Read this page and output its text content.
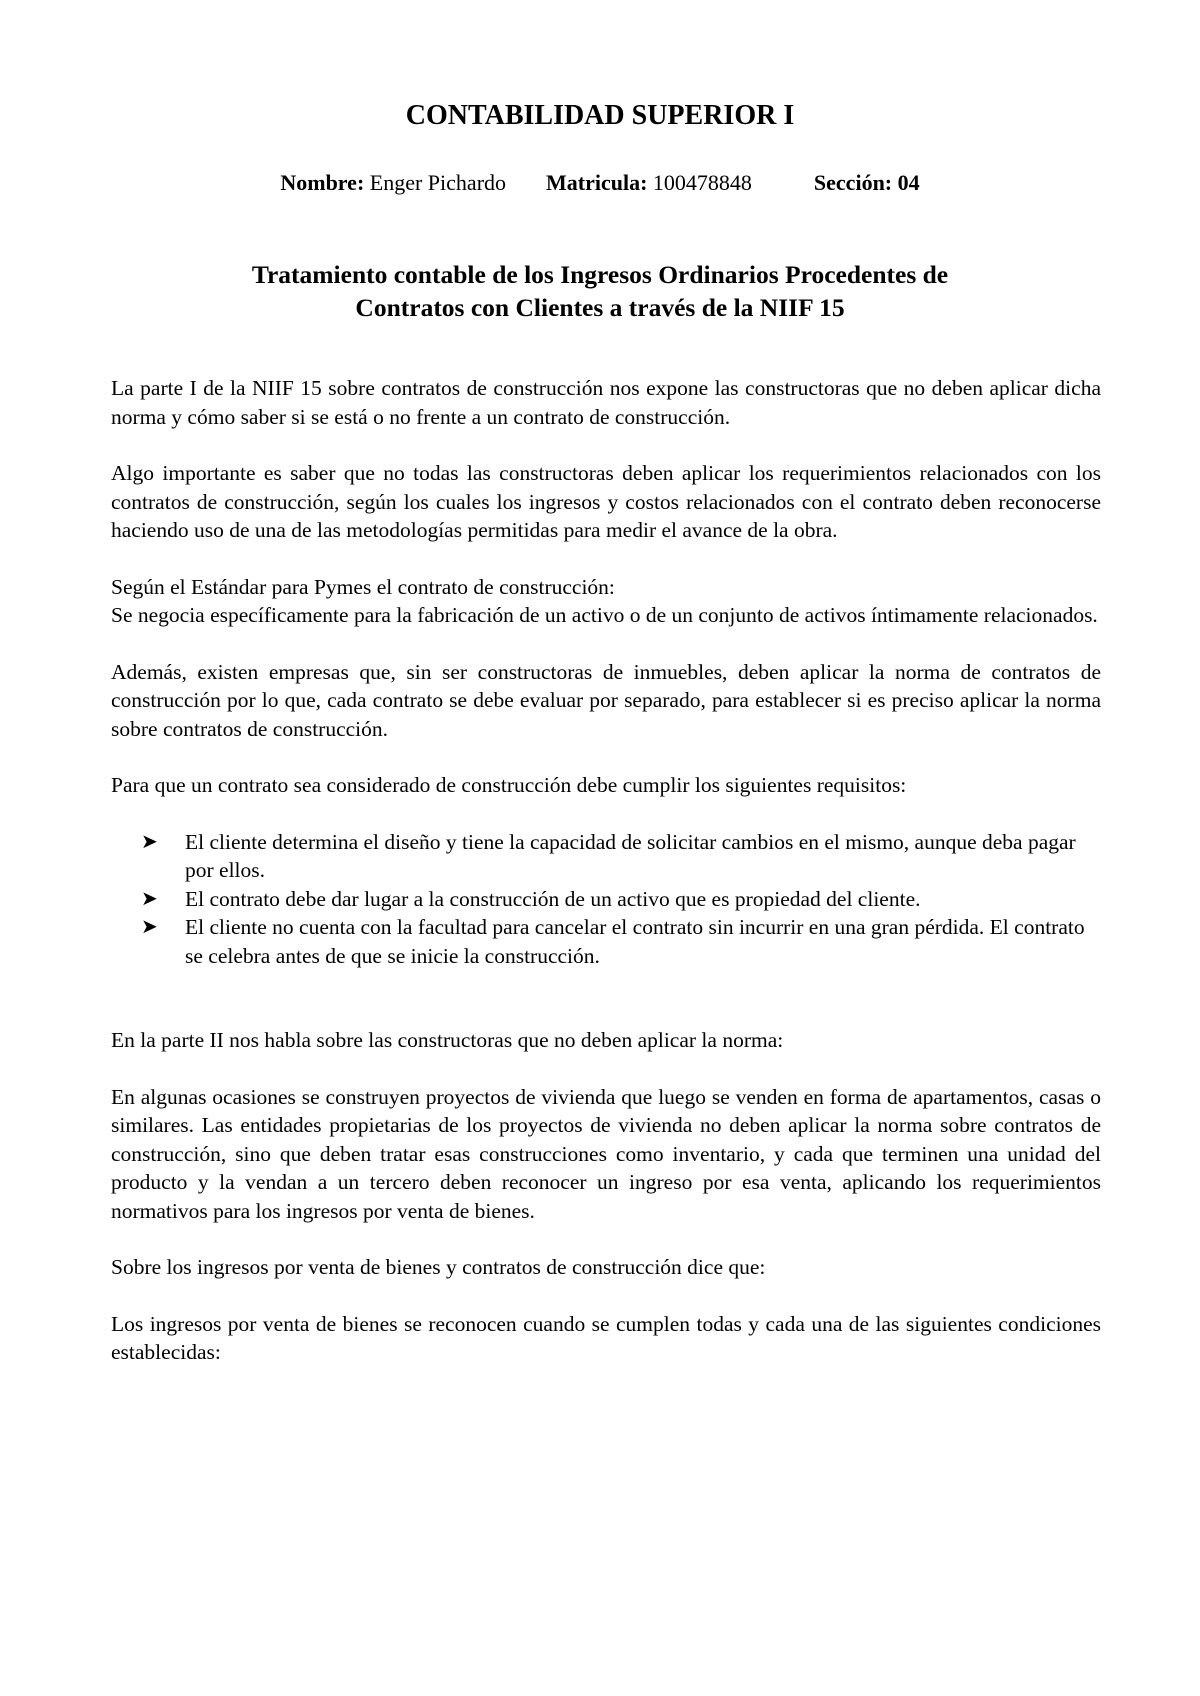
CONTABILIDAD SUPERIOR I
Nombre: Enger Pichardo Matricula: 100478848	Sección: 04
Tratamiento contable de los Ingresos Ordinarios Procedentes de
Contratos con Clientes a través de la NIIF 15

La parte I de la NIIF 15 sobre contratos de construcción nos expone las constructoras que no deben aplicar dicha norma y cómo saber si se está o no frente a un contrato de construcción.

Algo importante es saber que no todas las constructoras deben aplicar los requerimientos relacionados con los contratos de construcción, según los cuales los ingresos y costos relacionados con el contrato deben reconocerse haciendo uso de una de las metodologías permitidas para medir el avance de la obra.

Según el Estándar para Pymes el contrato de construcción:

Se negocia específicamente para la fabricación de un activo o de un conjunto de activos íntimamente relacionados.

Además, existen empresas que, sin ser constructoras de inmuebles, deben aplicar la norma de contratos de construcción por lo que, cada contrato se debe evaluar por separado, para establecer si es preciso aplicar la norma sobre contratos de construcción.

Para que un contrato sea considerado de construcción debe cumplir los siguientes requisitos:

➤ El cliente determina el diseño y tiene la capacidad de solicitar cambios en el mismo, aunque deba pagar por ellos.
➤ El contrato debe dar lugar a la construcción de un activo que es propiedad del cliente.
➤ El cliente no cuenta con la facultad para cancelar el contrato sin incurrir en una gran pérdida. El contrato se celebra antes de que se inicie la construcción.

En la parte II nos habla sobre las constructoras que no deben aplicar la norma:

En algunas ocasiones se construyen proyectos de vivienda que luego se venden en forma de apartamentos, casas o similares. Las entidades propietarias de los proyectos de vivienda no deben aplicar la norma sobre contratos de construcción, sino que deben tratar esas construcciones como inventario, y cada que terminen una unidad del producto y la vendan a un tercero deben reconocer un ingreso por esa venta, aplicando los requerimientos normativos para los ingresos por venta de bienes.

Sobre los ingresos por venta de bienes y contratos de construcción dice que:

Los ingresos por venta de bienes se reconocen cuando se cumplen todas y cada una de las siguientes condiciones establecidas:
